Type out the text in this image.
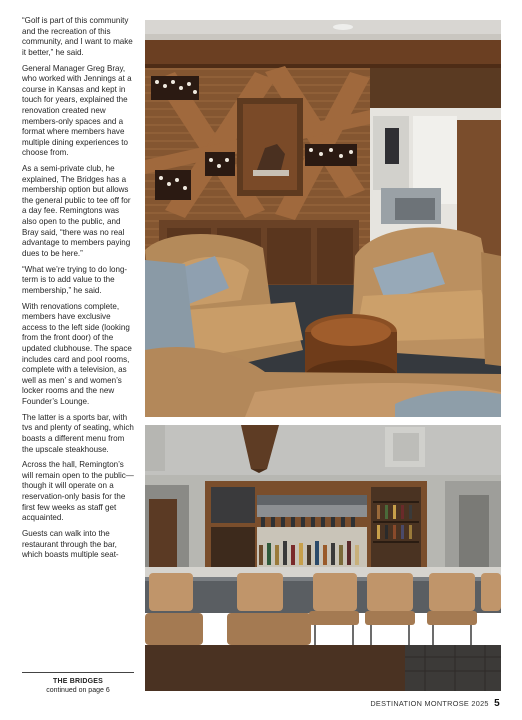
“Golf is part of this community and the recreation of this community, and I want to make it better,” he said.

General Manager Greg Bray, who worked with Jennings at a course in Kansas and kept in touch for years, explained the renovation created new members-only spaces and a format where members have multiple dining experiences to choose from.

As a semi-private club, he explained, The Bridges has a membership option but allows the general public to tee off for a day fee. Remingtons was also open to the public, and Bray said, “there was no real advantage to members paying dues to be here.”

“What we’re trying to do long-term is to add value to the membership,” he said.

With renovations complete, members have exclusive access to the left side (looking from the front door) of the updated clubhouse. The space includes card and pool rooms, complete with a television, as well as men’ s and women’s locker rooms and the new Founder’s Lounge.

The latter is a sports bar, with tvs and plenty of seating, which boasts a different menu from the upscale steakhouse.

Across the hall, Remington’s will remain open to the public—though it will operate on a reservation-only basis for the first few weeks as staff get acquainted.

Guests can walk into the restaurant through the bar, which boasts multiple seat-

THE BRIDGES
continued on page 6
DESTINATION MONTROSE 2025 5
